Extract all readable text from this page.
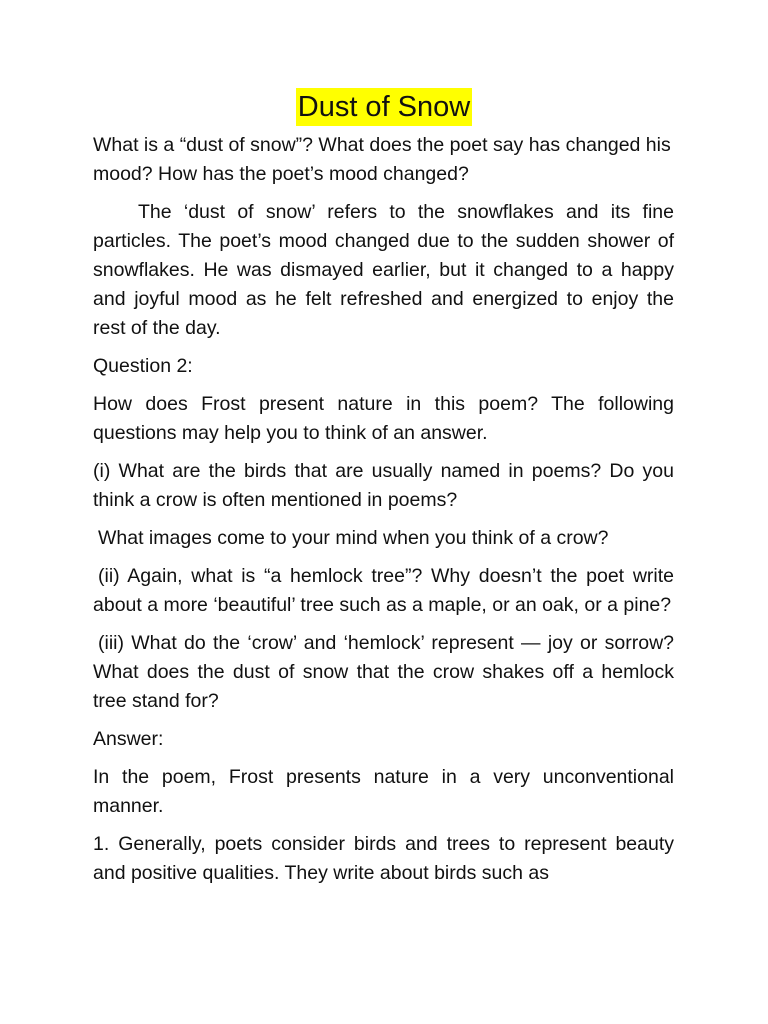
Dust of Snow

What is a “dust of snow”? What does the poet say has changed his mood? How has the poet’s mood changed?

The ‘dust of snow’ refers to the snowflakes and its fine particles. The poet’s mood changed due to the sudden shower of snowflakes. He was dismayed earlier, but it changed to a happy and joyful mood as he felt refreshed and energized to enjoy the rest of the day.

Question 2:

How does Frost present nature in this poem? The following questions may help you to think of an answer.

(i) What are the birds that are usually named in poems? Do you think a crow is often mentioned in poems?

What images come to your mind when you think of a crow?

(ii) Again, what is “a hemlock tree”? Why doesn’t the poet write about a more ‘beautiful’ tree such as a maple, or an oak, or a pine?

(iii) What do the ‘crow’ and ‘hemlock’ represent — joy or sorrow? What does the dust of snow that the crow shakes off a hemlock tree stand for?

Answer:

In the poem, Frost presents nature in a very unconventional manner.

1. Generally, poets consider birds and trees to represent beauty and positive qualities. They write about birds such as
